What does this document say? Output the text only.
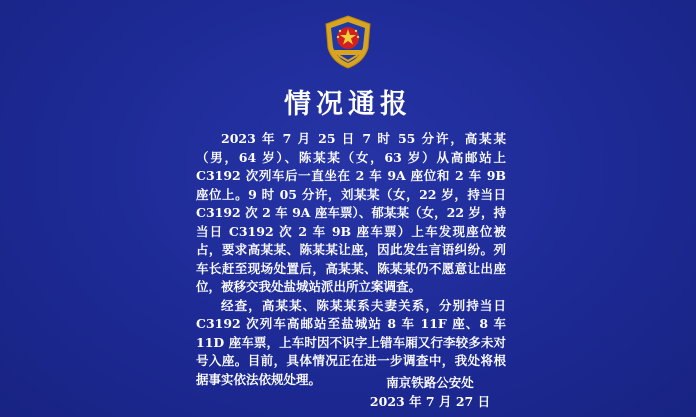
情况通报

2023 年 7 月 25 日 7 时 55 分许，高某某（男，64 岁）、陈某某（女，63 岁）从高邮站上 C3192 次列车后一直坐在 2 车 9A 座位和 2 车 9B 座位上。9 时 05 分许，刘某某（女，22 岁，持当日 C3192 次 2 车 9A 座车票）、郁某某（女，22 岁，持当日 C3192 次 2 车 9B 座车票）上车发现座位被占，要求高某某、陈某某让座，因此发生言语纠纷。列车长赶至现场处置后，高某某、陈某某仍不愿意让出座位，被移交我处盐城站派出所立案调查。

经查，高某某、陈某某系夫妻关系，分别持当日 C3192 次列车高邮站至盐城站 8 车 11F 座、8 车 11D 座车票，上车时因不识字上错车厢又行李较多未对号入座。目前，具体情况正在进一步调查中，我处将根据事实依法依规处理。	南京铁路公安处
2023 年 7 月 27 日
